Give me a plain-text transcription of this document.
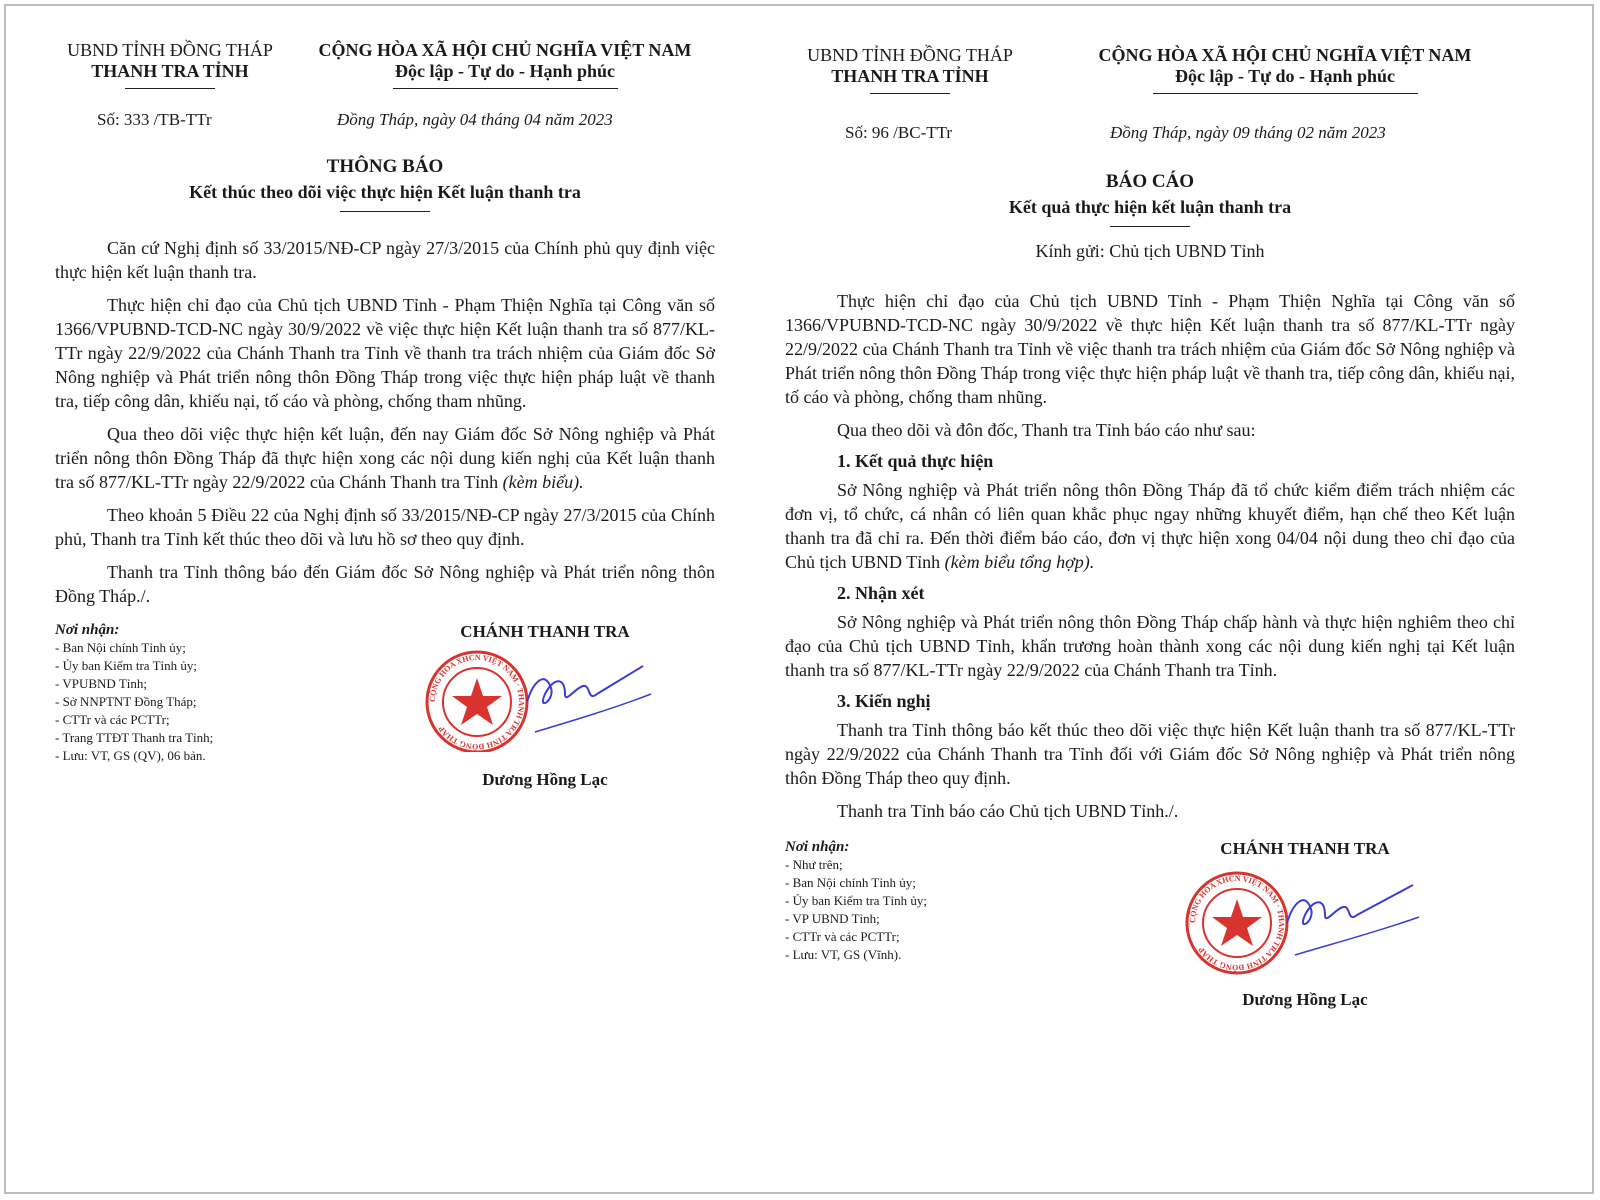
UBND TỈNH ĐỒNG THÁP
THANH TRA TỈNH
CỘNG HÒA XÃ HỘI CHỦ NGHĨA VIỆT NAM
Độc lập - Tự do - Hạnh phúc
Số: 333 /TB-TTr	Đồng Tháp, ngày 04 tháng 04 năm 2023
THÔNG BÁO
Kết thúc theo dõi việc thực hiện Kết luận thanh tra

Căn cứ Nghị định số 33/2015/NĐ-CP ngày 27/3/2015 của Chính phủ quy định việc thực hiện kết luận thanh tra.

Thực hiện chỉ đạo của Chủ tịch UBND Tỉnh - Phạm Thiện Nghĩa tại Công văn số 1366/VPUBND-TCD-NC ngày 30/9/2022 về việc thực hiện Kết luận thanh tra số 877/KL-TTr ngày 22/9/2022 của Chánh Thanh tra Tỉnh về thanh tra trách nhiệm của Giám đốc Sở Nông nghiệp và Phát triển nông thôn Đồng Tháp trong việc thực hiện pháp luật về thanh tra, tiếp công dân, khiếu nại, tố cáo và phòng, chống tham nhũng.

Qua theo dõi việc thực hiện kết luận, đến nay Giám đốc Sở Nông nghiệp và Phát triển nông thôn Đồng Tháp đã thực hiện xong các nội dung kiến nghị của Kết luận thanh tra số 877/KL-TTr ngày 22/9/2022 của Chánh Thanh tra Tỉnh (kèm biểu).

Theo khoản 5 Điều 22 của Nghị định số 33/2015/NĐ-CP ngày 27/3/2015 của Chính phủ, Thanh tra Tỉnh kết thúc theo dõi và lưu hồ sơ theo quy định.

Thanh tra Tỉnh thông báo đến Giám đốc Sở Nông nghiệp và Phát triển nông thôn Đồng Tháp./.

Nơi nhận:
- Ban Nội chính Tỉnh ủy;
- Ủy ban Kiểm tra Tỉnh ủy;
- VPUBND Tỉnh;
- Sở NNPTNT Đồng Tháp;
- CTTr và các PCTTr;
- Trang TTĐT Thanh tra Tỉnh;
- Lưu: VT, GS (QV), 06 bản.
CHÁNH THANH TRA
CỘNG HÒA XHCN VIỆT NAM · THANH TRA TỈNH ĐỒNG THÁP
Dương Hồng Lạc
UBND TỈNH ĐỒNG THÁP
THANH TRA TỈNH
CỘNG HÒA XÃ HỘI CHỦ NGHĨA VIỆT NAM
Độc lập - Tự do - Hạnh phúc
Số: 96 /BC-TTr	Đồng Tháp, ngày 09 tháng 02 năm 2023
BÁO CÁO
Kết quả thực hiện kết luận thanh tra

Kính gửi: Chủ tịch UBND Tỉnh

Thực hiện chỉ đạo của Chủ tịch UBND Tỉnh - Phạm Thiện Nghĩa tại Công văn số 1366/VPUBND-TCD-NC ngày 30/9/2022 về thực hiện Kết luận thanh tra số 877/KL-TTr ngày 22/9/2022 của Chánh Thanh tra Tỉnh về việc thanh tra trách nhiệm của Giám đốc Sở Nông nghiệp và Phát triển nông thôn Đồng Tháp trong việc thực hiện pháp luật về thanh tra, tiếp công dân, khiếu nại, tố cáo và phòng, chống tham nhũng.

Qua theo dõi và đôn đốc, Thanh tra Tỉnh báo cáo như sau:

1. Kết quả thực hiện

Sở Nông nghiệp và Phát triển nông thôn Đồng Tháp đã tổ chức kiểm điểm trách nhiệm các đơn vị, tổ chức, cá nhân có liên quan khắc phục ngay những khuyết điểm, hạn chế theo Kết luận thanh tra đã chỉ ra. Đến thời điểm báo cáo, đơn vị thực hiện xong 04/04 nội dung theo chỉ đạo của Chủ tịch UBND Tỉnh (kèm biểu tổng hợp).

2. Nhận xét

Sở Nông nghiệp và Phát triển nông thôn Đồng Tháp chấp hành và thực hiện nghiêm theo chỉ đạo của Chủ tịch UBND Tỉnh, khẩn trương hoàn thành xong các nội dung kiến nghị tại Kết luận thanh tra số 877/KL-TTr ngày 22/9/2022 của Chánh Thanh tra Tỉnh.

3. Kiến nghị

Thanh tra Tỉnh thông báo kết thúc theo dõi việc thực hiện Kết luận thanh tra số 877/KL-TTr ngày 22/9/2022 của Chánh Thanh tra Tỉnh đối với Giám đốc Sở Nông nghiệp và Phát triển nông thôn Đồng Tháp theo quy định.

Thanh tra Tỉnh báo cáo Chủ tịch UBND Tỉnh./.

Nơi nhận:
- Như trên;
- Ban Nội chính Tỉnh ủy;
- Ủy ban Kiểm tra Tỉnh ủy;
- VP UBND Tỉnh;
- CTTr và các PCTTr;
- Lưu: VT, GS (Vĩnh).
CHÁNH THANH TRA
CỘNG HÒA XHCN VIỆT NAM · THANH TRA TỈNH ĐỒNG THÁP
Dương Hồng Lạc
